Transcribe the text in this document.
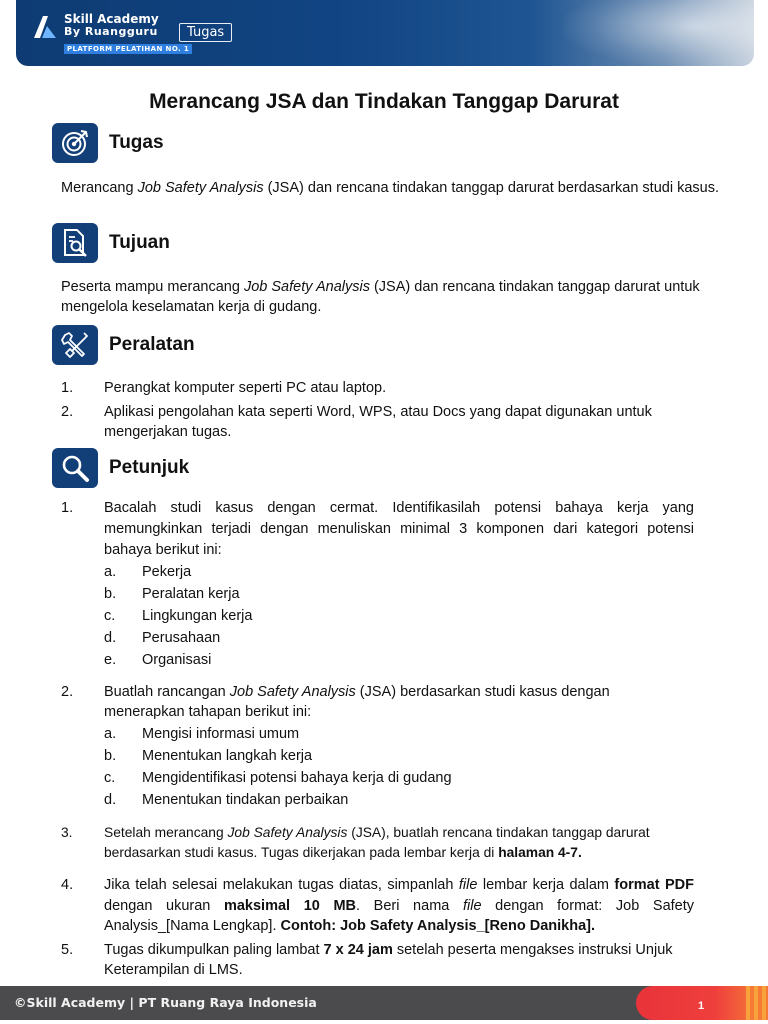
Skill Academy
By Ruangguru
PLATFORM PELATIHAN NO. 1
Tugas
Merancang JSA dan Tindakan Tanggap Darurat
Tugas
Merancang Job Safety Analysis (JSA) dan rencana tindakan tanggap darurat berdasarkan studi kasus.
Tujuan
Peserta mampu merancang Job Safety Analysis (JSA) dan rencana tindakan tanggap darurat untuk mengelola keselamatan kerja di gudang.
Peralatan
1.	Perangkat komputer seperti PC atau laptop.
2.	Aplikasi pengolahan kata seperti Word, WPS, atau Docs yang dapat digunakan untuk mengerjakan tugas.
Petunjuk
1.	Bacalah studi kasus dengan cermat. Identifikasilah potensi bahaya kerja yang memungkinkan terjadi dengan menuliskan minimal 3 komponen dari kategori potensi bahaya berikut ini:
a.	Pekerja
b.	Peralatan kerja
c.	Lingkungan kerja
d.	Perusahaan
e.	Organisasi
2.	Buatlah rancangan Job Safety Analysis (JSA) berdasarkan studi kasus dengan menerapkan tahapan berikut ini:
a.	Mengisi informasi umum
b.	Menentukan langkah kerja
c.	Mengidentifikasi potensi bahaya kerja di gudang
d.	Menentukan tindakan perbaikan
3.	Setelah merancang Job Safety Analysis (JSA), buatlah rencana tindakan tanggap darurat berdasarkan studi kasus. Tugas dikerjakan pada lembar kerja di halaman 4-7.
4.	Jika telah selesai melakukan tugas diatas, simpanlah file lembar kerja dalam format PDF dengan ukuran maksimal 10 MB. Beri nama file dengan format: Job Safety Analysis_[Nama Lengkap]. Contoh: Job Safety Analysis_[Reno Danikha].
5.	Tugas dikumpulkan paling lambat 7 x 24 jam setelah peserta mengakses instruksi Unjuk Keterampilan di LMS.
©Skill Academy | PT Ruang Raya Indonesia	1
